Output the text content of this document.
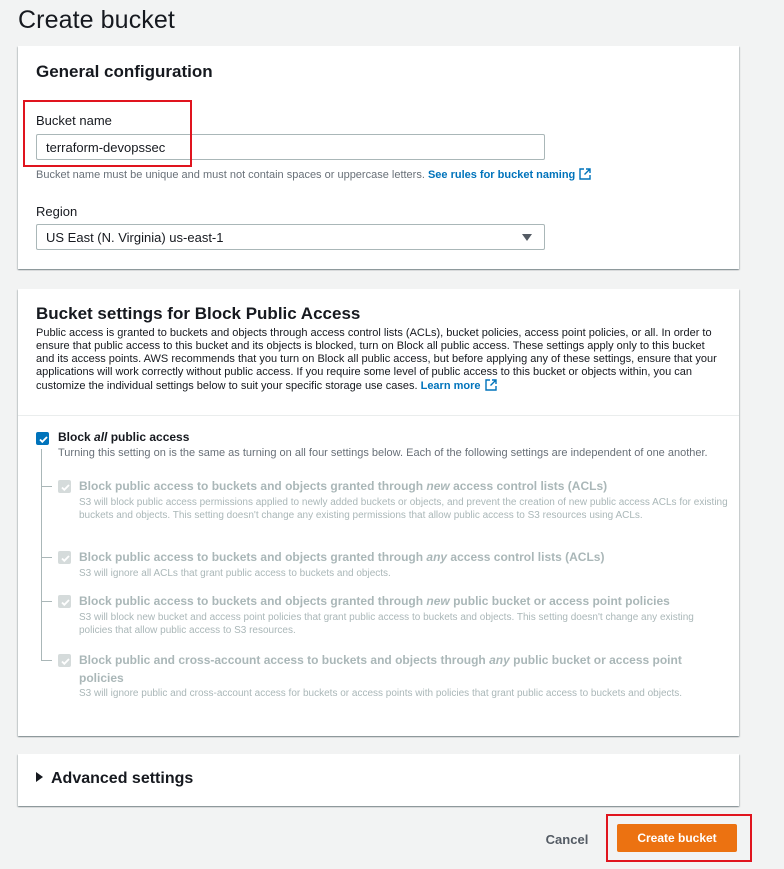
Create bucket
General configuration
Bucket name
terraform-devopssec
Bucket name must be unique and must not contain spaces or uppercase letters. See rules for bucket naming
Region
US East (N. Virginia) us-east-1
Bucket settings for Block Public Access
Public access is granted to buckets and objects through access control lists (ACLs), bucket policies, access point policies, or all. In order to ensure that public access to this bucket and its objects is blocked, turn on Block all public access. These settings apply only to this bucket and its access points. AWS recommends that you turn on Block all public access, but before applying any of these settings, ensure that your applications will work correctly without public access. If you require some level of public access to this bucket or objects within, you can customize the individual settings below to suit your specific storage use cases. Learn more
Block all public access
Turning this setting on is the same as turning on all four settings below. Each of the following settings are independent of one another.
Block public access to buckets and objects granted through new access control lists (ACLs)
S3 will block public access permissions applied to newly added buckets or objects, and prevent the creation of new public access ACLs for existing buckets and objects. This setting doesn't change any existing permissions that allow public access to S3 resources using ACLs.
Block public access to buckets and objects granted through any access control lists (ACLs)
S3 will ignore all ACLs that grant public access to buckets and objects.
Block public access to buckets and objects granted through new public bucket or access point policies
S3 will block new bucket and access point policies that grant public access to buckets and objects. This setting doesn't change any existing policies that allow public access to S3 resources.
Block public and cross-account access to buckets and objects through any public bucket or access point
policies
S3 will ignore public and cross-account access for buckets or access points with policies that grant public access to buckets and objects.
Advanced settings
Cancel	Create bucket
